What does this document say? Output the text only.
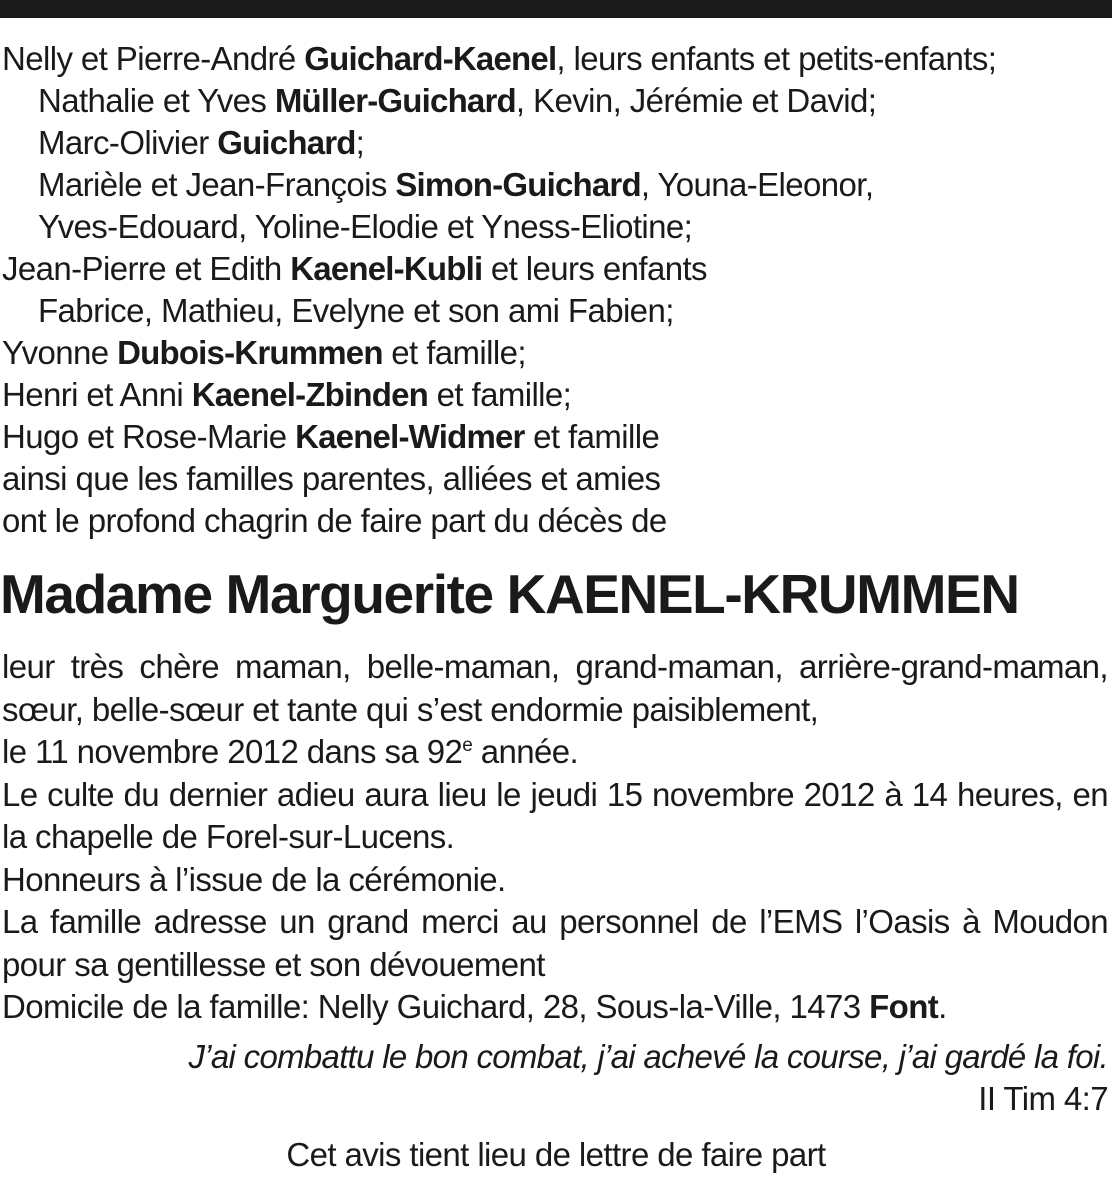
Nelly et Pierre-André Guichard-Kaenel, leurs enfants et petits-enfants;
Nathalie et Yves Müller-Guichard, Kevin, Jérémie et David;
Marc-Olivier Guichard;
Marièle et Jean-François Simon-Guichard, Youna-Eleonor,
Yves-Edouard, Yoline-Elodie et Yness-Eliotine;
Jean-Pierre et Edith Kaenel-Kubli et leurs enfants
Fabrice, Mathieu, Evelyne et son ami Fabien;
Yvonne Dubois-Krummen et famille;
Henri et Anni Kaenel-Zbinden et famille;
Hugo et Rose-Marie Kaenel-Widmer et famille
ainsi que les familles parentes, alliées et amies
ont le profond chagrin de faire part du décès de
Madame Marguerite KAENEL-KRUMMEN
leur très chère maman, belle-maman, grand-maman, arrière-grand-maman, sœur, belle-sœur et tante qui s’est endormie paisiblement,
le 11 novembre 2012 dans sa 92e année.
Le culte du dernier adieu aura lieu le jeudi 15 novembre 2012 à 14 heures, en la chapelle de Forel-sur-Lucens.
Honneurs à l’issue de la cérémonie.
La famille adresse un grand merci au personnel de l’EMS l’Oasis à Moudon pour sa gentillesse et son dévouement
Domicile de la famille: Nelly Guichard, 28, Sous-la-Ville, 1473 Font.
J’ai combattu le bon combat, j’ai achevé la course, j’ai gardé la foi.
II Tim 4:7
Cet avis tient lieu de lettre de faire part
